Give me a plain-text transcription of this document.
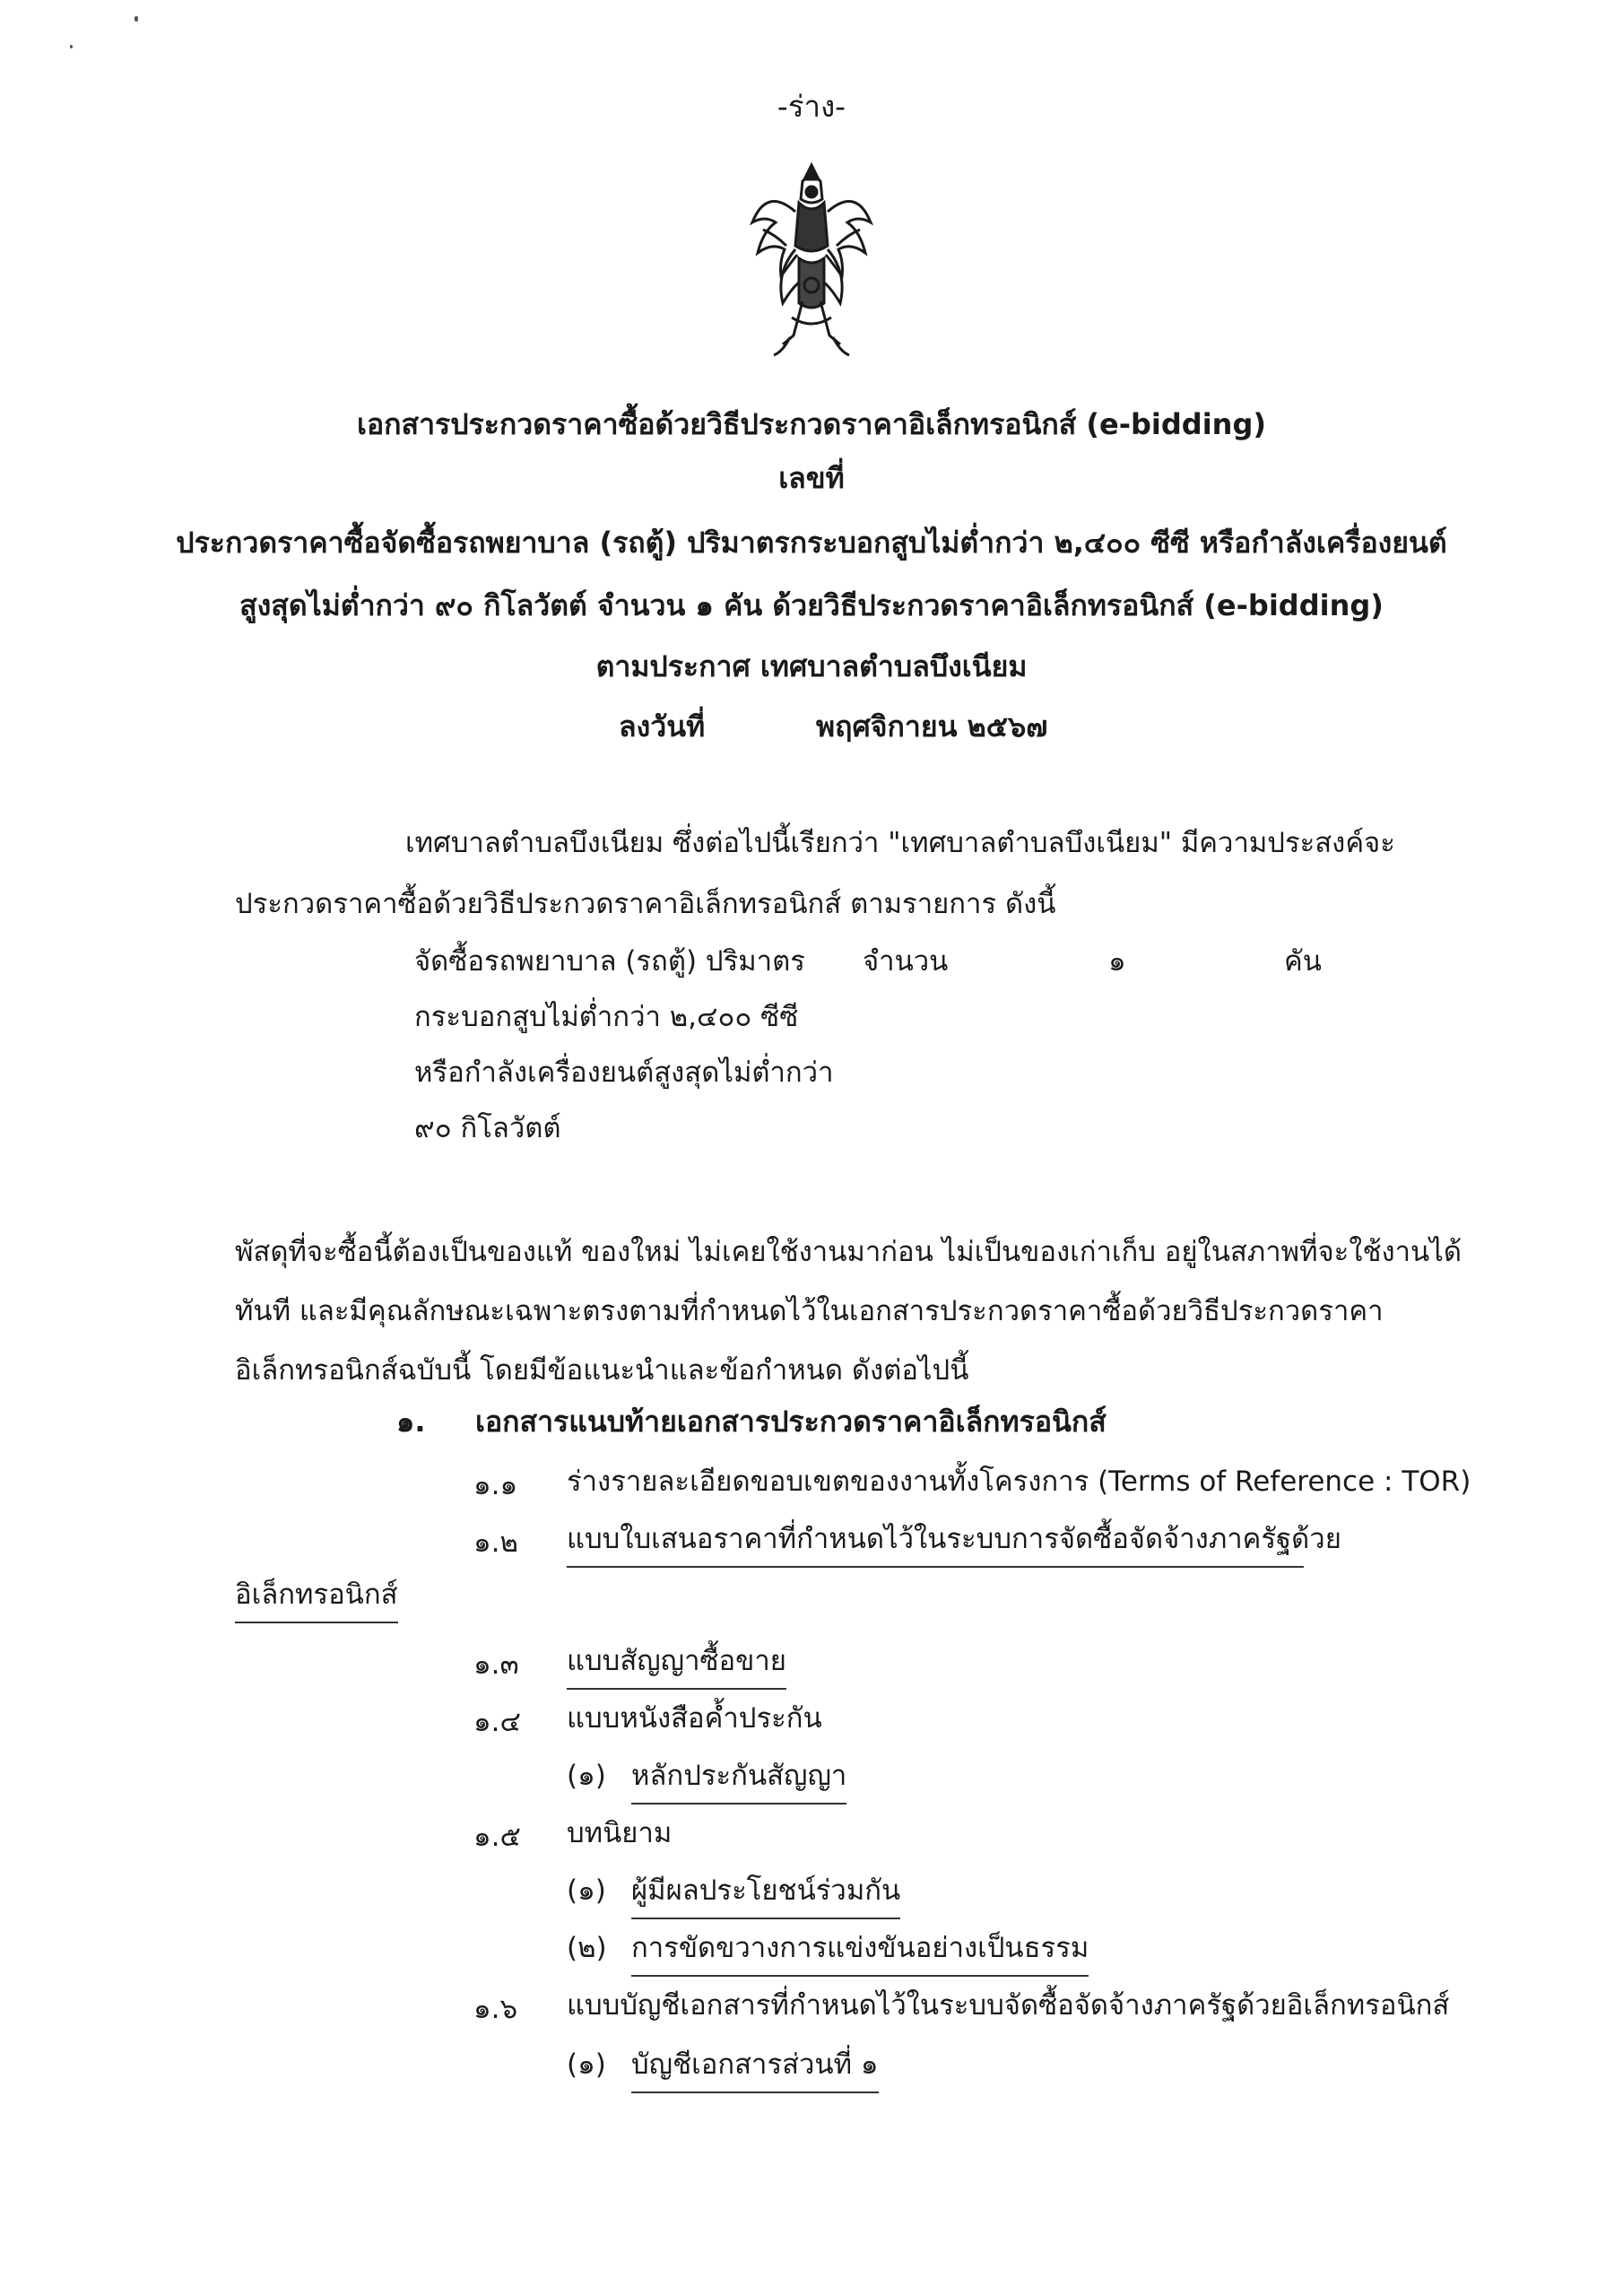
-ร่าง-
เอกสารประกวดราคาซื้อด้วยวิธีประกวดราคาอิเล็กทรอนิกส์ (e-bidding)
เลขที่
ประกวดราคาซื้อจัดซื้อรถพยาบาล (รถตู้) ปริมาตรกระบอกสูบไม่ต่ำกว่า ๒,๔๐๐ ซีซี หรือกำลังเครื่องยนต์
สูงสุดไม่ต่ำกว่า ๙๐ กิโลวัตต์ จำนวน ๑ คัน ด้วยวิธีประกวดราคาอิเล็กทรอนิกส์ (e-bidding)
ตามประกาศ เทศบาลตำบลบึงเนียม
ลงวันที่	พฤศจิกายน ๒๕๖๗
เทศบาลตำบลบึงเนียม ซึ่งต่อไปนี้เรียกว่า "เทศบาลตำบลบึงเนียม" มีความประสงค์จะ
ประกวดราคาซื้อด้วยวิธีประกวดราคาอิเล็กทรอนิกส์ ตามรายการ ดังนี้
จัดซื้อรถพยาบาล (รถตู้) ปริมาตร
กระบอกสูบไม่ต่ำกว่า ๒,๔๐๐ ซีซี
หรือกำลังเครื่องยนต์สูงสุดไม่ต่ำกว่า
๙๐ กิโลวัตต์
จำนวน	๑	คัน
พัสดุที่จะซื้อนี้ต้องเป็นของแท้ ของใหม่ ไม่เคยใช้งานมาก่อน ไม่เป็นของเก่าเก็บ อยู่ในสภาพที่จะใช้งานได้
ทันที และมีคุณลักษณะเฉพาะตรงตามที่กำหนดไว้ในเอกสารประกวดราคาซื้อด้วยวิธีประกวดราคา
อิเล็กทรอนิกส์ฉบับนี้ โดยมีข้อแนะนำและข้อกำหนด ดังต่อไปนี้
๑. เอกสารแนบท้ายเอกสารประกวดราคาอิเล็กทรอนิกส์
๑.๑ ร่างรายละเอียดขอบเขตของงานทั้งโครงการ (Terms of Reference : TOR)
๑.๒ แบบใบเสนอราคาที่กำหนดไว้ในระบบการจัดซื้อจัดจ้างภาครัฐด้วย
อิเล็กทรอนิกส์
๑.๓ แบบสัญญาซื้อขาย
๑.๔ แบบหนังสือค้ำประกัน
(๑) หลักประกันสัญญา
๑.๕ บทนิยาม
(๑) ผู้มีผลประโยชน์ร่วมกัน
(๒) การขัดขวางการแข่งขันอย่างเป็นธรรม
๑.๖ แบบบัญชีเอกสารที่กำหนดไว้ในระบบจัดซื้อจัดจ้างภาครัฐด้วยอิเล็กทรอนิกส์
(๑) บัญชีเอกสารส่วนที่ ๑
